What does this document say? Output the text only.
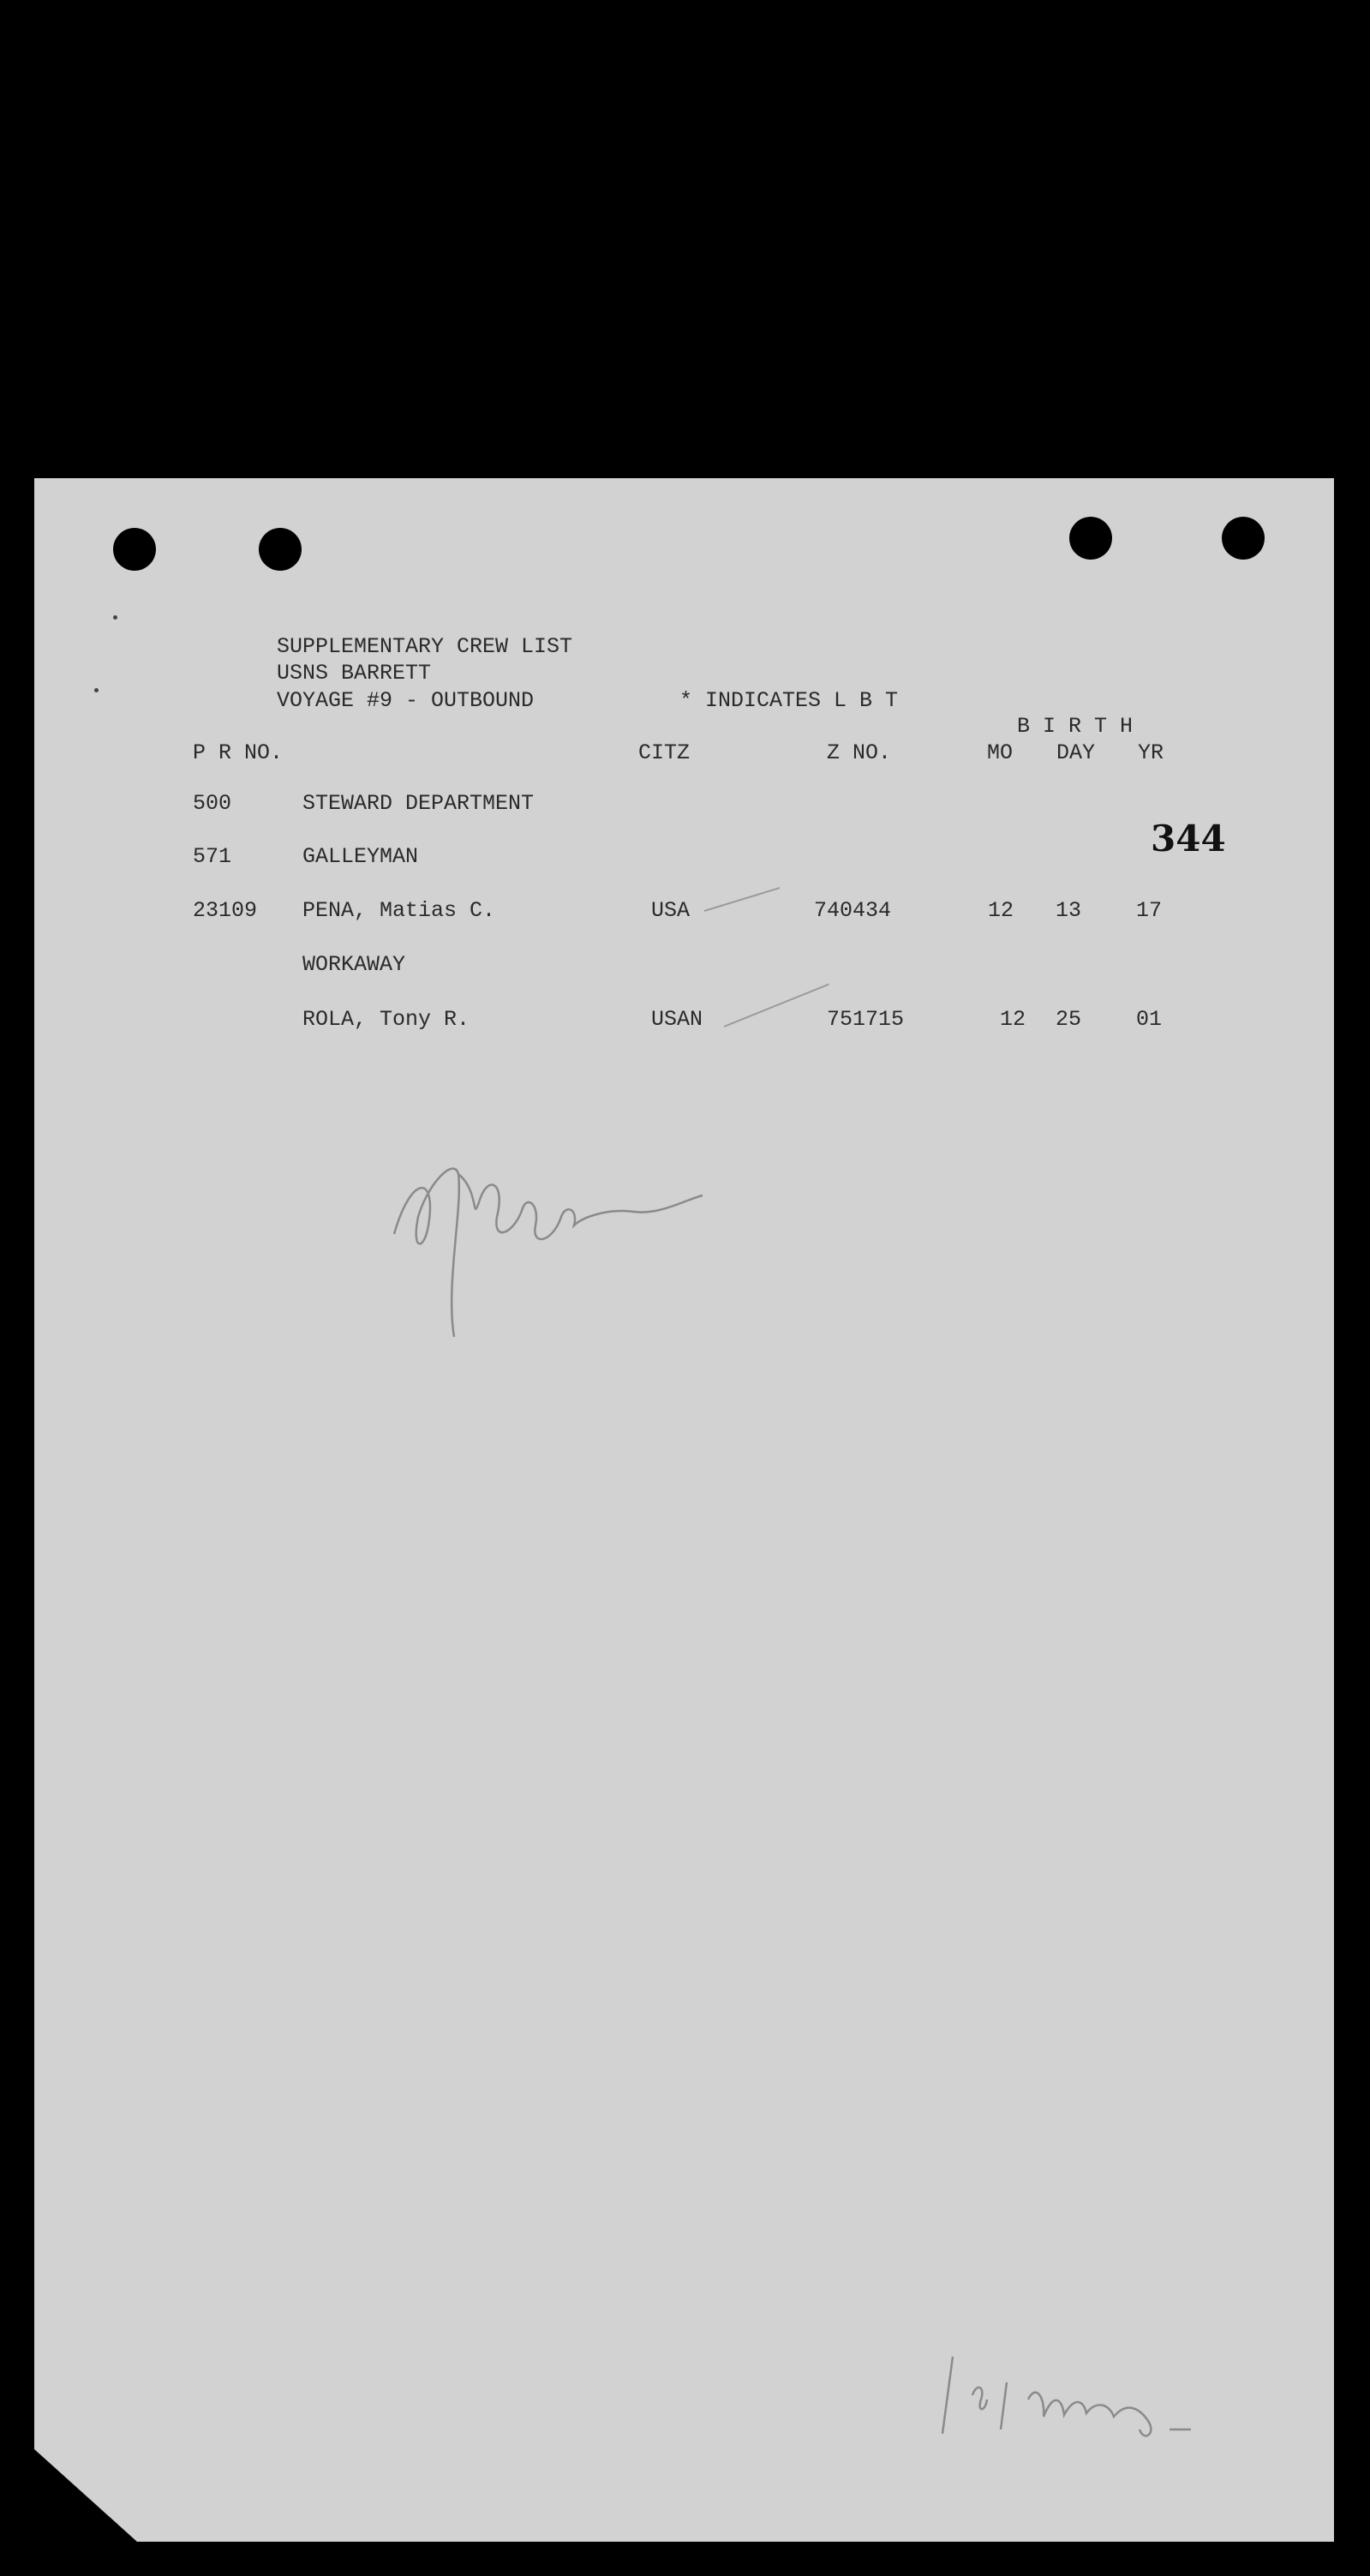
SUPPLEMENTARY CREW LIST

USNS BARRETT

VOYAGE #9 - OUTBOUND	* INDICATES L B T

B I R T H

P R NO.	CITZ	Z NO.	MO DAY YR

344

500	STEWARD DEPARTMENT

571	GALLEYMAN

23109 PENA, Matias C.	USA	740434	12 13	17

WORKAWAY

ROLA, Tony R.	USAN	751715	12 25	01
